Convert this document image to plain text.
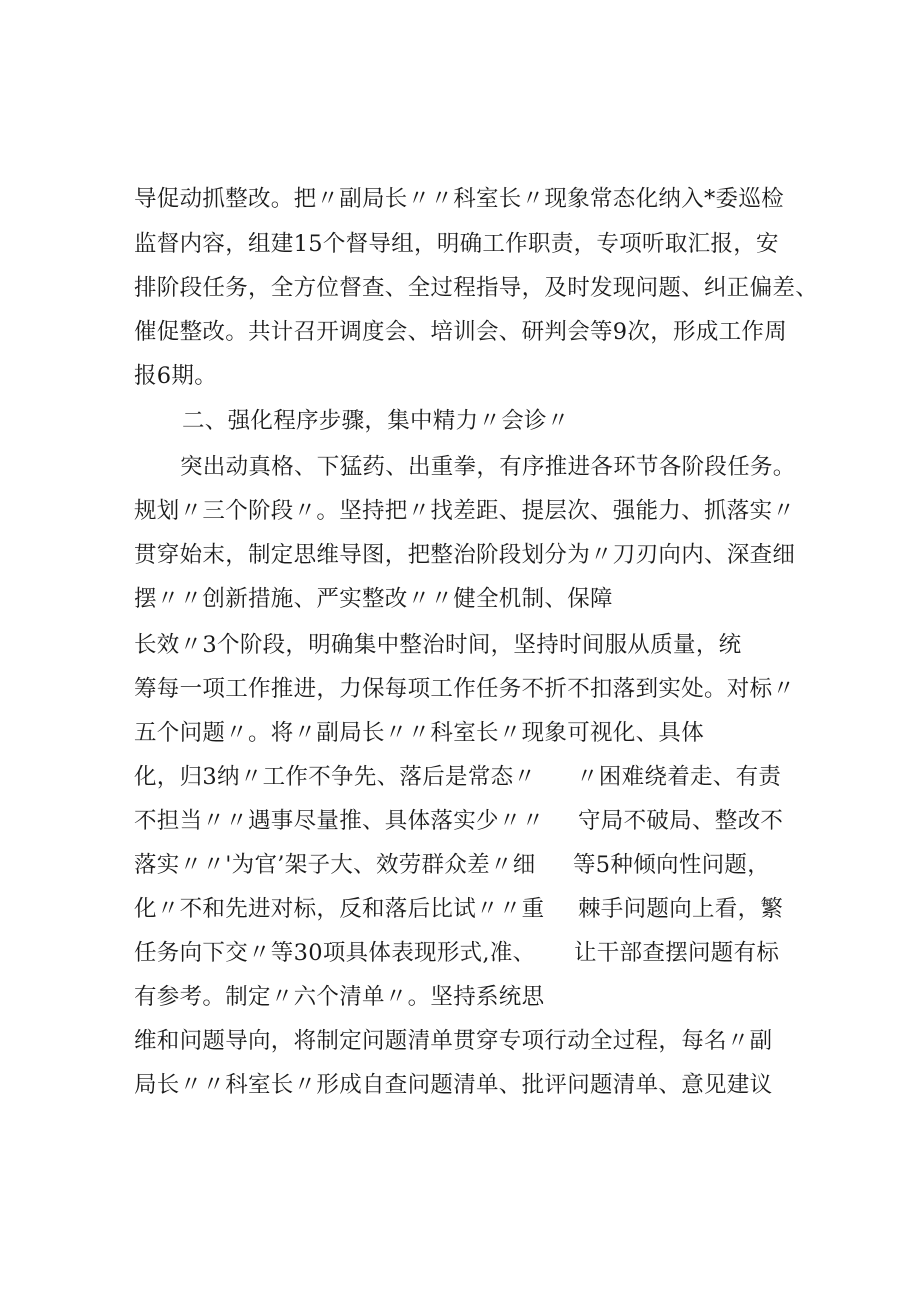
导促动抓整改。把〃副局长〃〃科室长〃现象常态化纳入*委巡检
监督内容，组建15个督导组，明确工作职责，专项听取汇报，安
排阶段任务，全方位督查、全过程指导，及时发现问题、纠正偏差、
催促整改。共计召开调度会、培训会、研判会等9次，形成工作周
报6期。
二、强化程序步骤，集中精力〃会诊〃
突出动真格、下猛药、出重拳，有序推进各环节各阶段任务。
规划〃三个阶段〃。坚持把〃找差距、提层次、强能力、抓落实〃
贯穿始末，制定思维导图，把整治阶段划分为〃刀刃向内、深查细
摆〃〃创新措施、严实整改〃〃健全机制、保障
长效〃3个阶段，明确集中整治时间，坚持时间服从质量，统
筹每一项工作推进，力保每项工作任务不折不扣落到实处。对标〃
五个问题〃。将〃副局长〃〃科室长〃现象可视化、具体
化，归3纳〃工作不争先、落后是常态〃 〃困难绕着走、有责
不担当〃〃遇事尽量推、具体落实少〃〃 守局不破局、整改不
落实〃〃'为官’架子大、效劳群众差〃细 等5种倾向性问题，
化〃不和先进对标，反和落后比试〃〃重 棘手问题向上看，繁
任务向下交〃等30项具体表现形式,准、 让干部查摆问题有标
有参考。制定〃六个清单〃。坚持系统思
维和问题导向，将制定问题清单贯穿专项行动全过程，每名〃副
局长〃〃科室长〃形成自查问题清单、批评问题清单、意见建议
